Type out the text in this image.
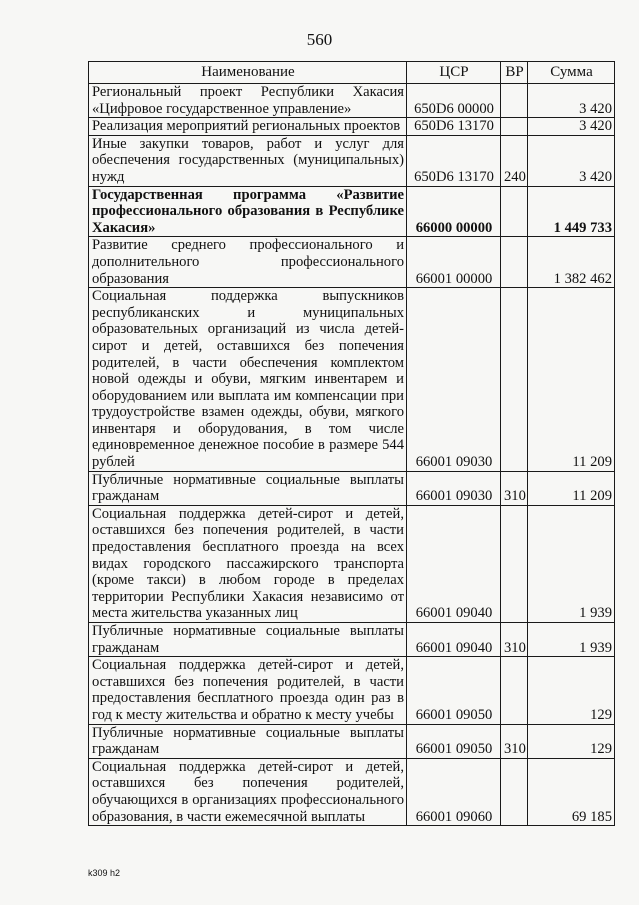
560
Наименование	ЦСР	ВР	Сумма
Региональный проект Республики Хакасия «Цифровое государственное управление»	650D6 00000		3 420
Реализация мероприятий региональных проектов	650D6 13170		3 420
Иные закупки товаров, работ и услуг для обеспечения государственных (муниципальных) нужд	650D6 13170	240	3 420
Государственная программа «Развитие профессионального образования в Республике Хакасия»	66000 00000		1 449 733
Развитие среднего профессионального и дополнительного профессионального образования	66001 00000		1 382 462
Социальная поддержка выпускников республиканских и муниципальных образовательных организаций из числа детей-сирот и детей, оставшихся без попечения родителей, в части обеспечения комплектом новой одежды и обуви, мягким инвентарем и оборудованием или выплата им компенсации при трудоустройстве взамен одежды, обуви, мягкого инвентаря и оборудования, в том числе единовременное денежное пособие в размере 544 рублей	66001 09030		11 209
Публичные нормативные социальные выплаты гражданам	66001 09030	310	11 209
Социальная поддержка детей-сирот и детей, оставшихся без попечения родителей, в части предоставления бесплатного проезда на всех видах городского пассажирского транспорта (кроме такси) в любом городе в пределах территории Республики Хакасия независимо от места жительства указанных лиц	66001 09040		1 939
Публичные нормативные социальные выплаты гражданам	66001 09040	310	1 939
Социальная поддержка детей-сирот и детей, оставшихся без попечения родителей, в части предоставления бесплатного проезда один раз в год к месту жительства и обратно к месту учебы	66001 09050		129
Публичные нормативные социальные выплаты гражданам	66001 09050	310	129
Социальная поддержка детей-сирот и детей, оставшихся без попечения родителей, обучающихся в организациях профессионального образования, в части ежемесячной выплаты	66001 09060		69 185
k309 h2
